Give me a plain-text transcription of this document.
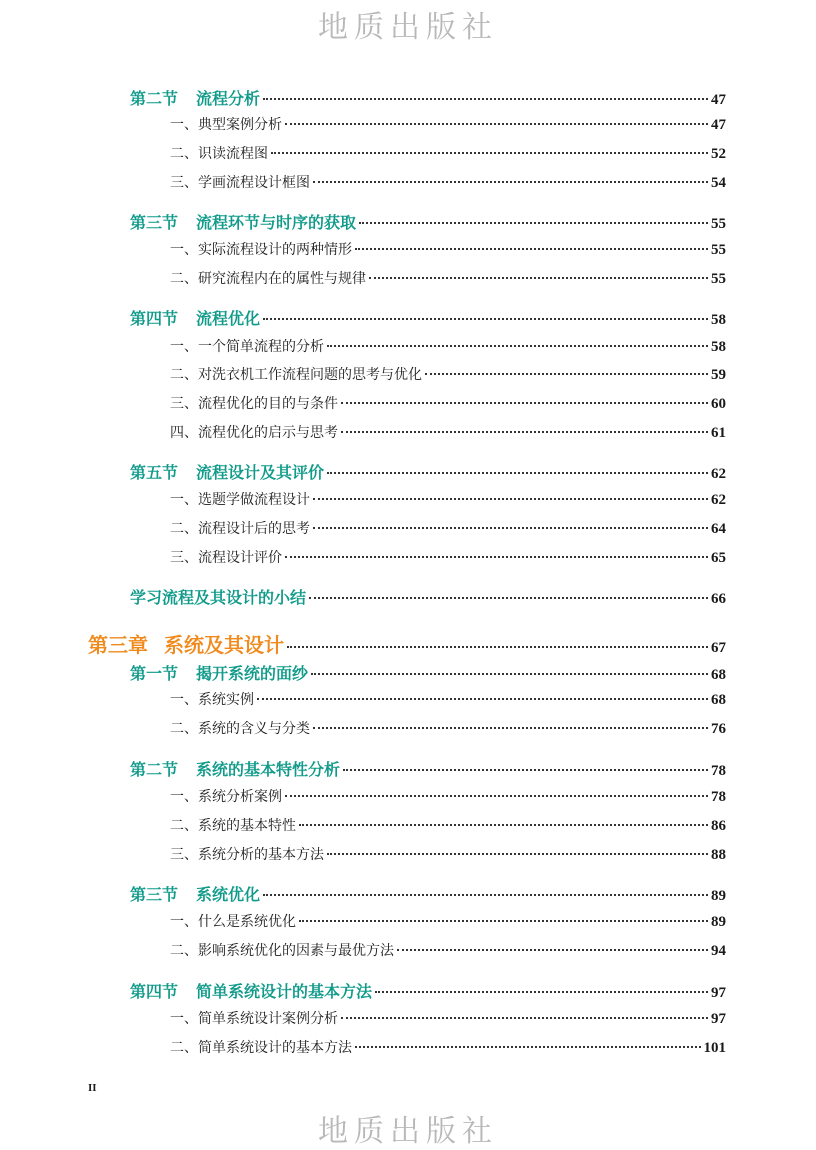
地质出版社
第二节 流程分析	47
一、典型案例分析	47
二、识读流程图	52
三、学画流程设计框图	54
第三节 流程环节与时序的获取	55
一、实际流程设计的两种情形	55
二、研究流程内在的属性与规律	55
第四节 流程优化	58
一、一个简单流程的分析	58
二、对洗衣机工作流程问题的思考与优化	59
三、流程优化的目的与条件	60
四、流程优化的启示与思考	61
第五节 流程设计及其评价	62
一、选题学做流程设计	62
二、流程设计后的思考	64
三、流程设计评价	65
学习流程及其设计的小结	66
第三章 系统及其设计	67
第一节 揭开系统的面纱	68
一、系统实例	68
二、系统的含义与分类	76
第二节 系统的基本特性分析	78
一、系统分析案例	78
二、系统的基本特性	86
三、系统分析的基本方法	88
第三节 系统优化	89
一、什么是系统优化	89
二、影响系统优化的因素与最优方法	94
第四节 简单系统设计的基本方法	97
一、简单系统设计案例分析	97
二、简单系统设计的基本方法	101
II
地质出版社
